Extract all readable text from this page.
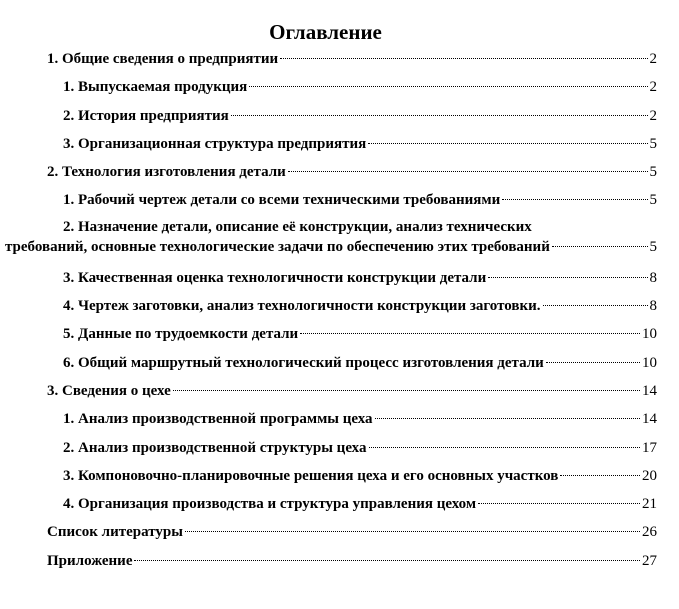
Оглавление
1. Общие сведения о предприятии	2
1. Выпускаемая продукция	2
2. История предприятия	2
3. Организационная структура предприятия	5
2. Технология изготовления детали	5
1. Рабочий чертеж детали со всеми техническими требованиями	5
2. Назначение детали, описание её конструкции, анализ технических
требований, основные технологические задачи по обеспечению этих требований	5
3. Качественная оценка технологичности конструкции детали	8
4. Чертеж заготовки, анализ технологичности конструкции заготовки.	8
5. Данные по трудоемкости детали	10
6. Общий маршрутный технологический процесс изготовления детали	10
3. Сведения о цехе	14
1. Анализ производственной программы цеха	14
2. Анализ производственной структуры цеха	17
3. Компоновочно-планировочные решения цеха и его основных участков	20
4. Организация производства и структура управления цехом	21
Список литературы	26
Приложение	27
